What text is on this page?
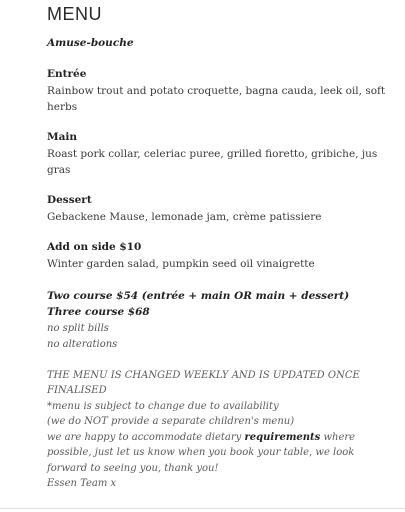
MENU
Amuse-bouche
Entrée
Rainbow trout and potato croquette, bagna cauda, leek oil, soft
herbs
Main
Roast pork collar, celeriac puree, grilled fioretto, gribiche, jus
gras
Dessert
Gebackene Mause, lemonade jam, crème patissiere
Add on side $10
Winter garden salad, pumpkin seed oil vinaigrette
Two course $54 (entrée + main OR main + dessert)
Three course $68
no split bills
no alterations
THE MENU IS CHANGED WEEKLY AND IS UPDATED ONCE
FINALISED
*menu is subject to change due to availability
(we do NOT provide a separate children's menu)
we are happy to accommodate dietary requirements where
possible, just let us know when you book your table, we look
forward to seeing you, thank you!
Essen Team x
